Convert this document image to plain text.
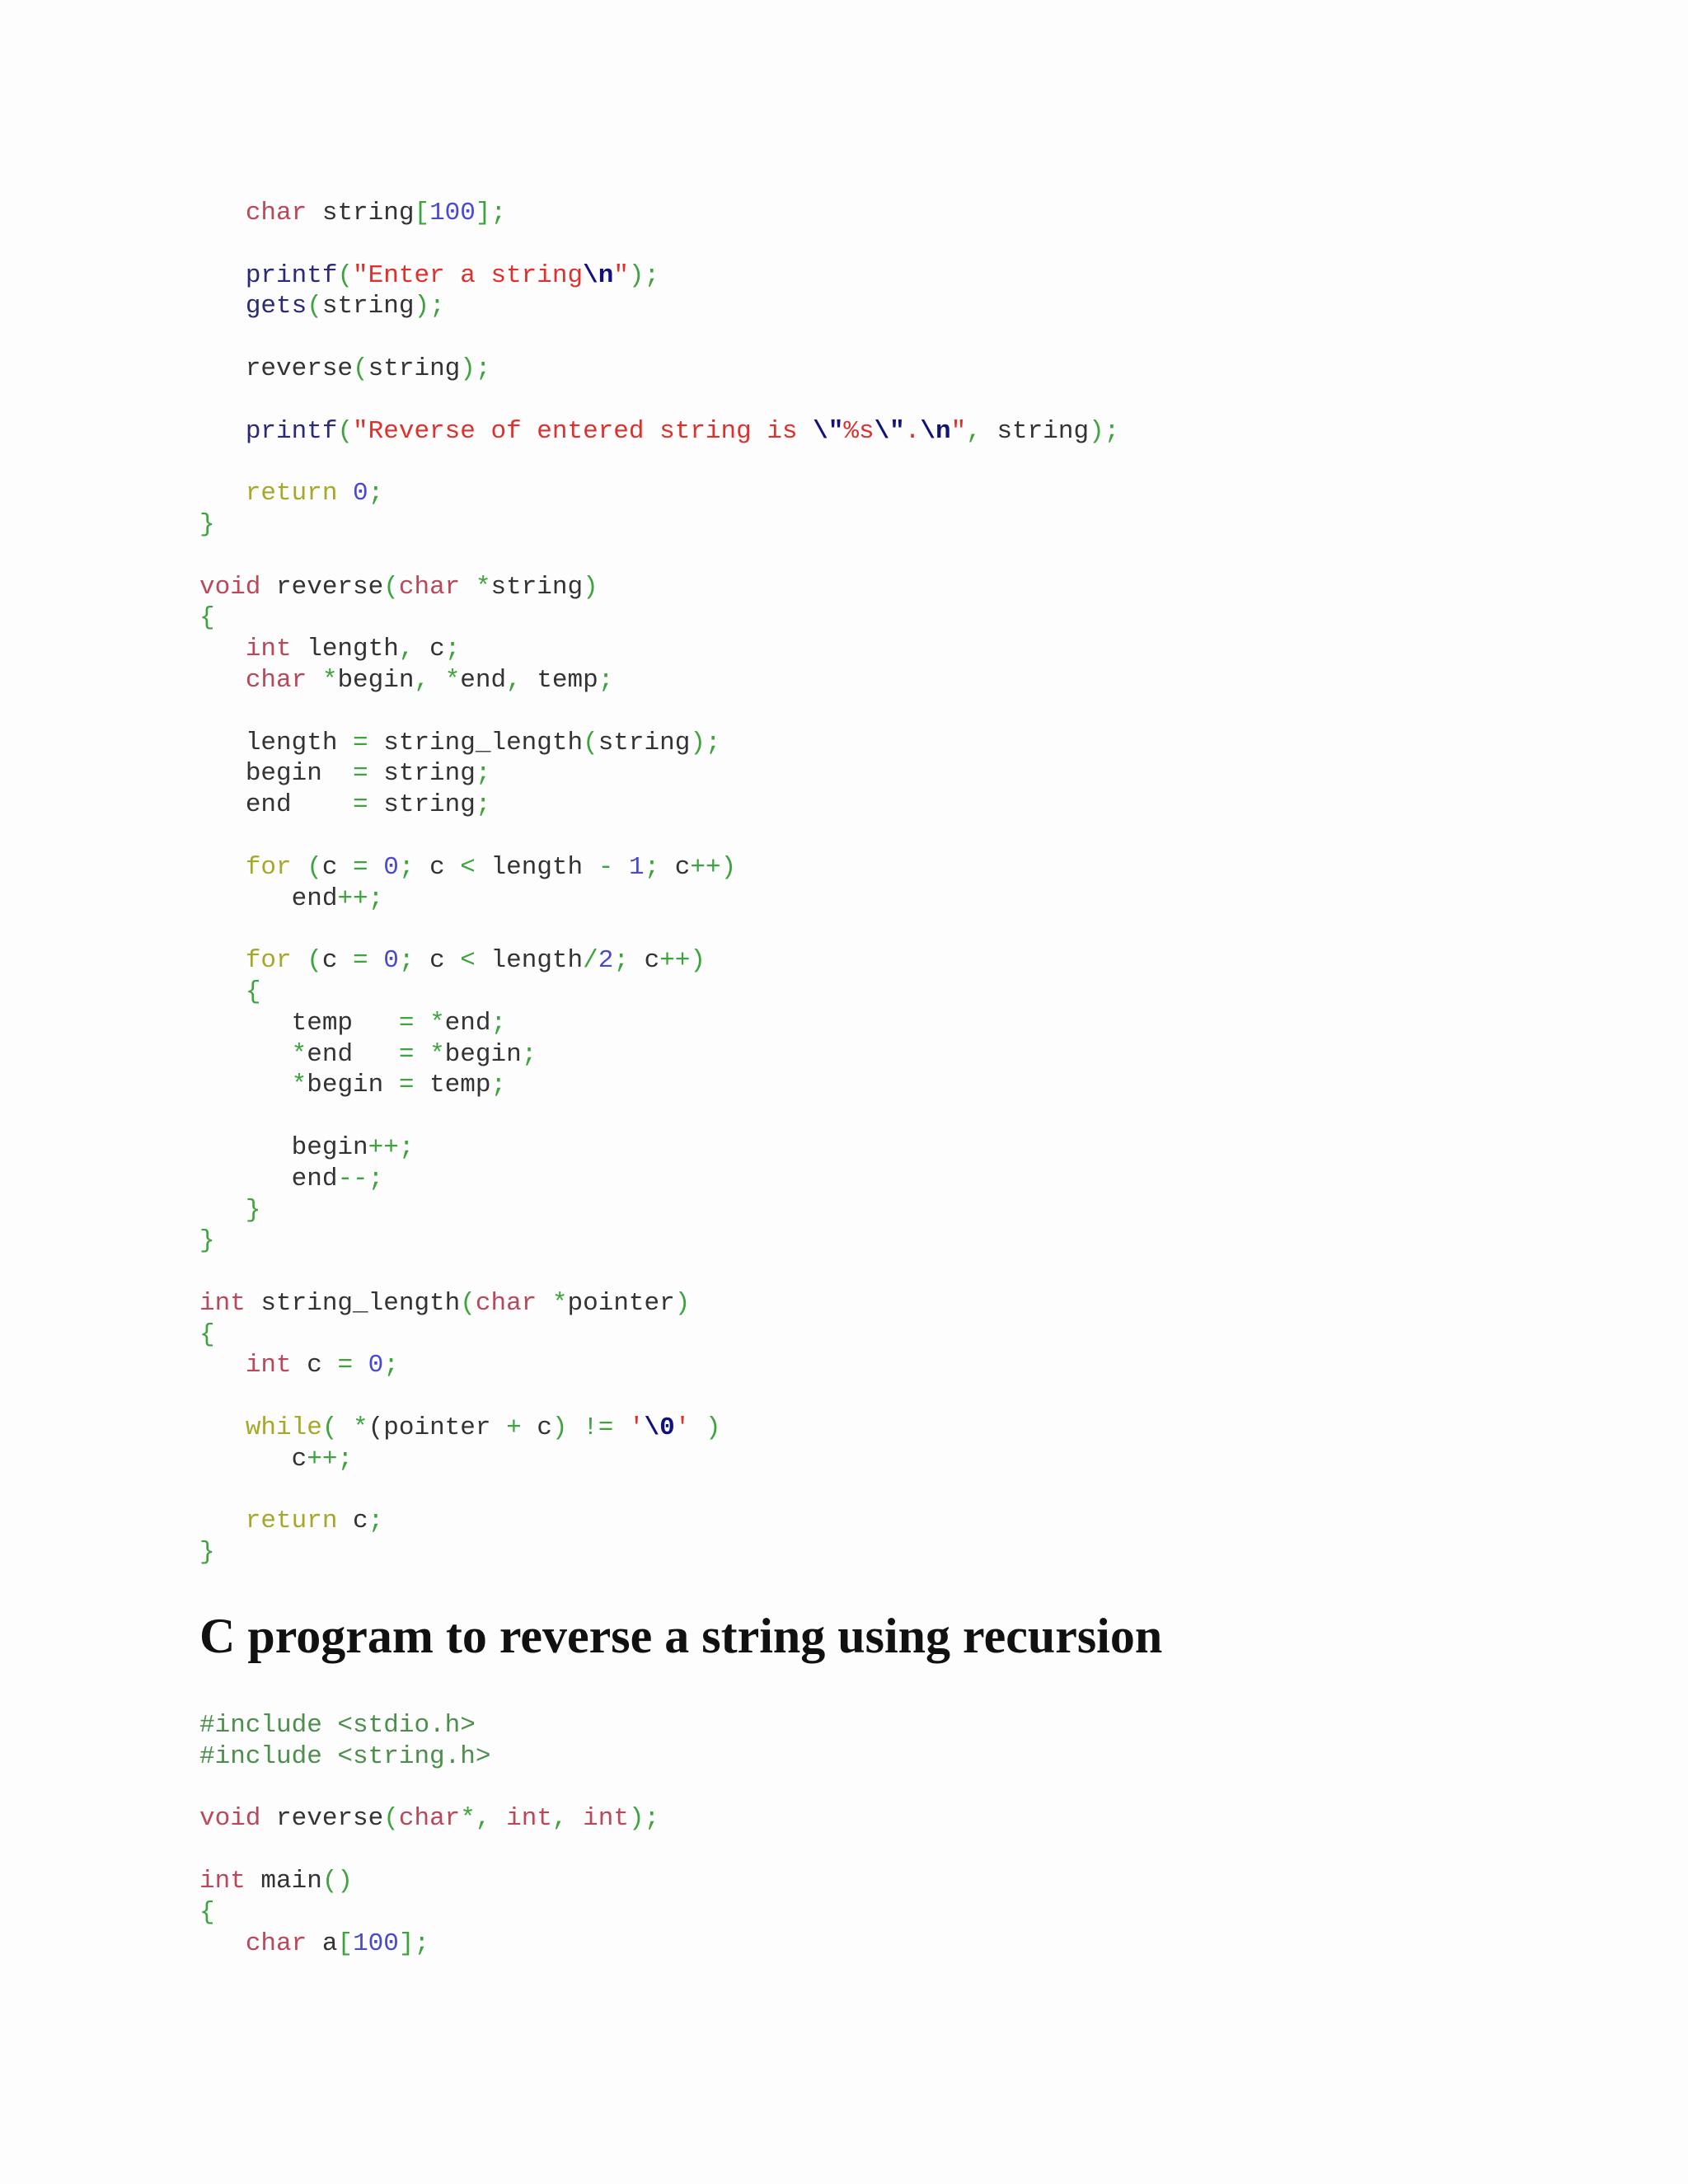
char string[100];
printf("Enter a string\n");
gets(string);
reverse(string);
printf("Reverse of entered string is \"%s\".\n", string);
return 0;
}
void reverse(char *string)
{
int length, c;
char *begin, *end, temp;
length = string_length(string);
begin  = string;
end    = string;
for (c = 0; c < length - 1; c++)
end++;
for (c = 0; c < length/2; c++)
{
temp   = *end;
*end   = *begin;
*begin = temp;
begin++;
end--;
}
}
int string_length(char *pointer)
{
int c = 0;
while( *(pointer + c) != '\0' )
c++;
return c;
}
C program to reverse a string using recursion
#include <stdio.h>
#include <string.h>
void reverse(char*, int, int);
int main()
{
char a[100];
